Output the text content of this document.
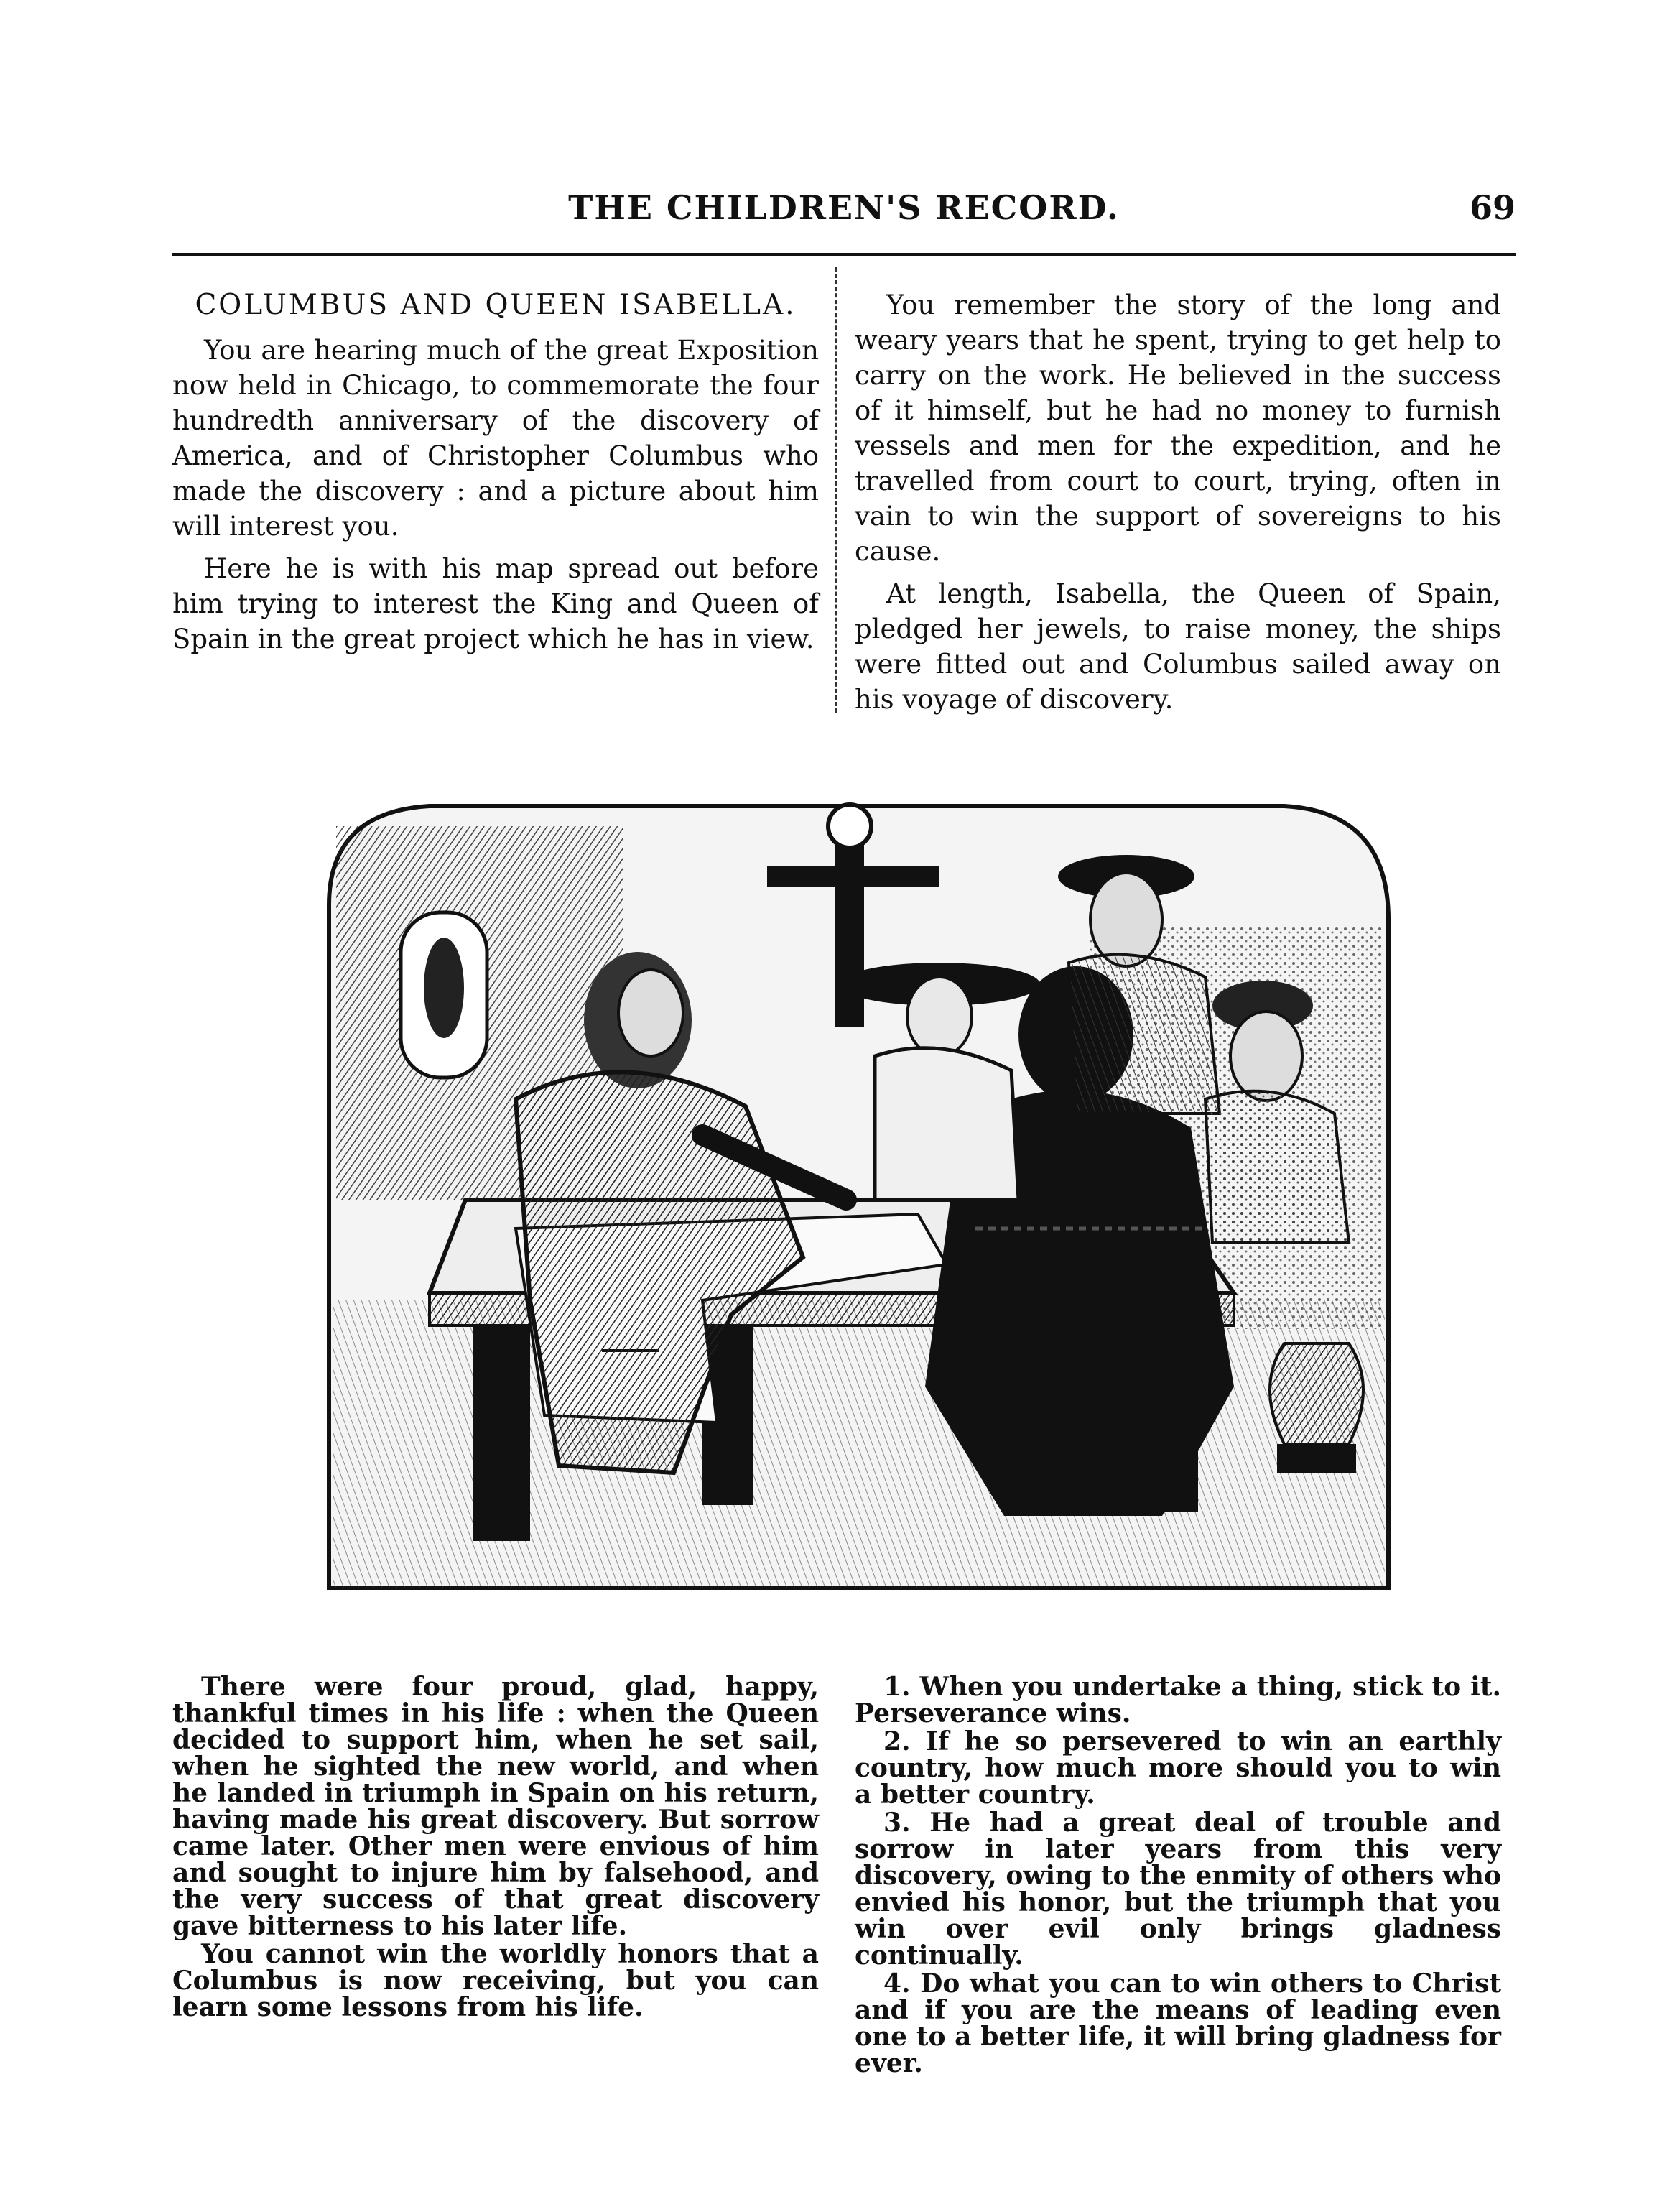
THE CHILDREN'S RECORD.	69
COLUMBUS AND QUEEN ISABELLA.

You are hearing much of the great Exposition now held in Chicago, to commemorate the four hundredth anniversary of the discovery of America, and of Christopher Columbus who made the discovery : and a picture about him will interest you.

Here he is with his map spread out before him trying to interest the King and Queen of Spain in the great project which he has in view.

You remember the story of the long and weary years that he spent, trying to get help to carry on the work. He believed in the success of it himself, but he had no money to furnish vessels and men for the expedition, and he travelled from court to court, trying, often in vain to win the support of sovereigns to his cause.

At length, Isabella, the Queen of Spain, pledged her jewels, to raise money, the ships were fitted out and Columbus sailed away on his voyage of discovery.

There were four proud, glad, happy, thankful times in his life : when the Queen decided to support him, when he set sail, when he sighted the new world, and when he landed in triumph in Spain on his return, having made his great discovery. But sorrow came later. Other men were envious of him and sought to injure him by falsehood, and the very success of that great discovery gave bitterness to his later life.

You cannot win the worldly honors that a Columbus is now receiving, but you can learn some lessons from his life.

1. When you undertake a thing, stick to it. Perseverance wins.

2. If he so persevered to win an earthly country, how much more should you to win a better country.

3. He had a great deal of trouble and sorrow in later years from this very discovery, owing to the enmity of others who envied his honor, but the triumph that you win over evil only brings gladness continually.

4. Do what you can to win others to Christ and if you are the means of leading even one to a better life, it will bring gladness for ever.
